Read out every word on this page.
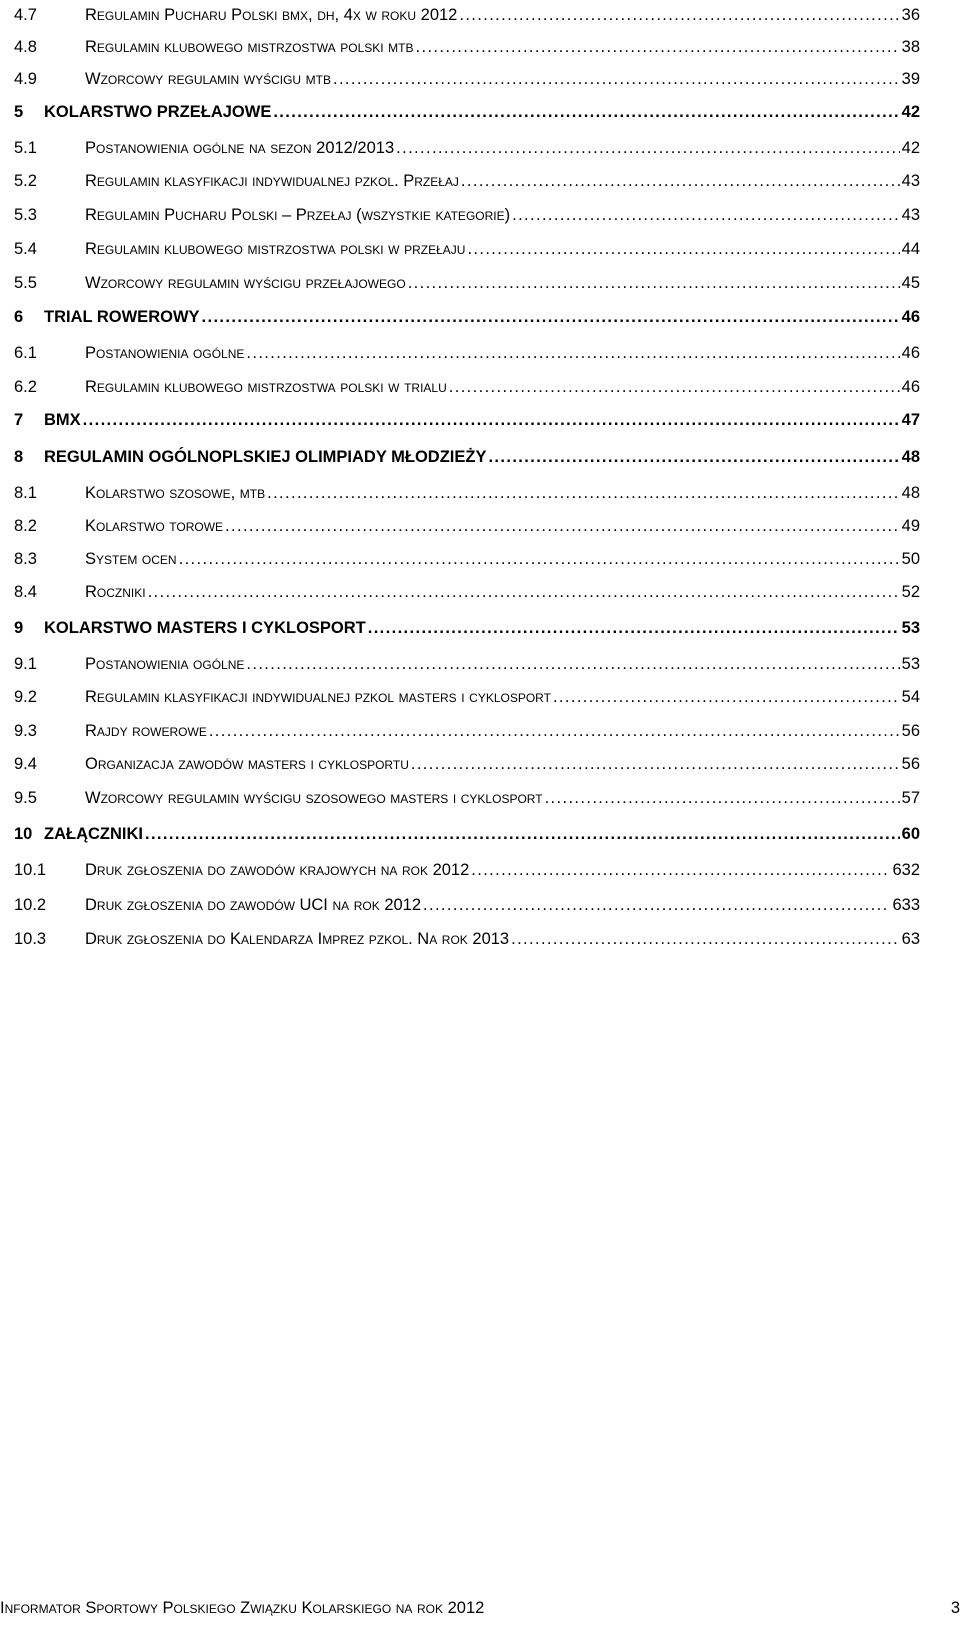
4.7	Regulamin Pucharu Polski bmx, dh, 4x w roku 2012 . . .	36
4.8	Regulamin klubowego mistrzostwa polski mtb . . .	38
4.9	Wzorcowy regulamin wyścigu mtb . . .	39
5 KOLARSTWO PRZEŁAJOWE . . .	42
5.1	Postanowienia ogólne na sezon 2012/2013 . . .	42
5.2	Regulamin klasyfikacji indywidualnej pzkol. Przełaj . . .	43
5.3	Regulamin Pucharu Polski – Przełaj (wszystkie kategorie) . . .	43
5.4	Regulamin klubowego mistrzostwa polski w przełaju . . .	44
5.5	Wzorcowy regulamin wyścigu przełajowego . . .	45
6 TRIAL ROWEROWY . . .	46
6.1	Postanowienia ogólne . . .	46
6.2	Regulamin klubowego mistrzostwa polski w trialu . . .	46
7 BMX . . .	47
8 REGULAMIN OGÓLNOPLSKIEJ OLIMPIADY MŁODZIEŻY . . .	48
8.1	Kolarstwo szosowe, mtb . . .	48
8.2	Kolarstwo torowe . . .	49
8.3	System ocen . . .	50
8.4	Roczniki . . .	52
9 KOLARSTWO MASTERS I CYKLOSPORT . . .	53
9.1	Postanowienia ogólne . . .	53
9.2	Regulamin klasyfikacji indywidualnej pzkol masters i cyklosport . . .	54
9.3	Rajdy rowerowe . . .	56
9.4	Organizacja zawodów masters i cyklosportu . . .	56
9.5	Wzorcowy regulamin wyścigu szosowego masters i cyklosport . . .	57
10 ZAŁĄCZNIKI . . .	60
10.1 Druk zgłoszenia do zawodów krajowych na rok 2012 . . .	632
10.2 Druk zgłoszenia do zawodów UCI na rok 2012 . . .	633
10.3 Druk zgłoszenia do Kalendarza Imprez pzkol. Na rok 2013 . . .	63
Informator Sportowy Polskiego Związku Kolarskiego na rok 2012	3
